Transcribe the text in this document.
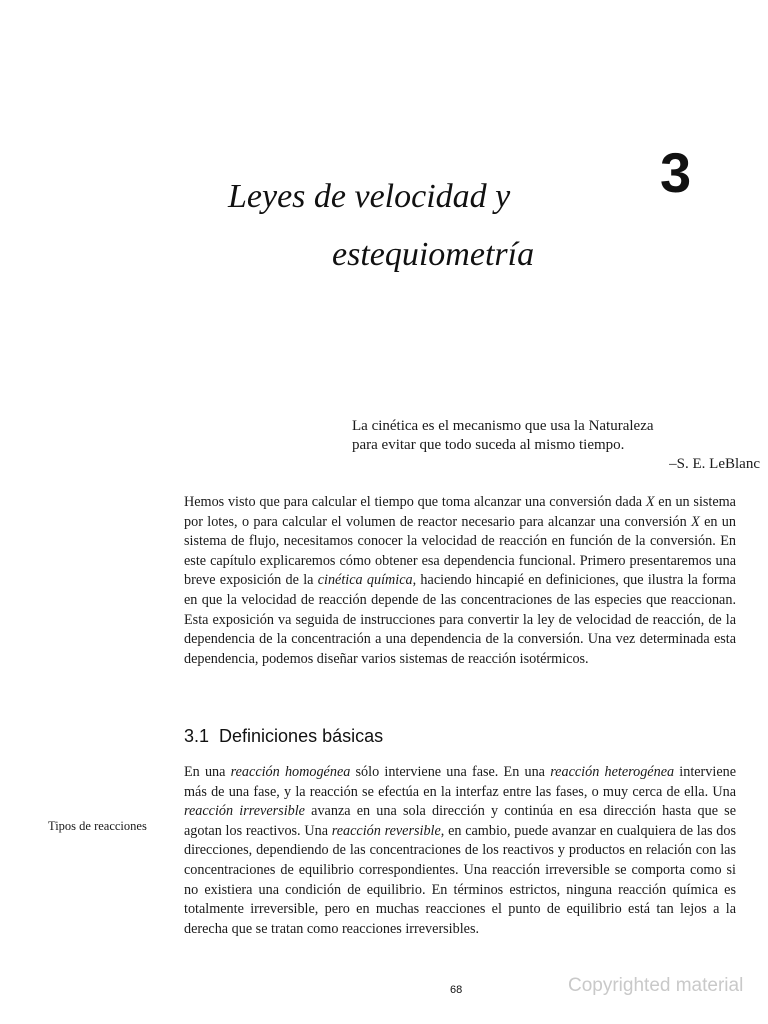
Leyes de velocidad y
estequiometría
3
La cinética es el mecanismo que usa la Naturaleza
para evitar que todo suceda al mismo tiempo.
–S. E. LeBlanc

Hemos visto que para calcular el tiempo que toma alcanzar una conversión dada X en un sistema por lotes, o para calcular el volumen de reactor necesario para alcanzar una conversión X en un sistema de flujo, necesitamos conocer la velocidad de reacción en función de la conversión. En este capítulo explicaremos cómo obtener esa dependencia funcional. Primero presentaremos una breve exposición de la cinética química, haciendo hincapié en definiciones, que ilustra la forma en que la velocidad de reacción depende de las concentraciones de las especies que reaccionan. Esta exposición va seguida de instrucciones para convertir la ley de velocidad de reacción, de la dependencia de la concentración a una dependencia de la conversión. Una vez determinada esta dependencia, podemos diseñar varios sistemas de reacción isotérmicos.

3.1 Definiciones básicas
Tipos de reacciones

En una reacción homogénea sólo interviene una fase. En una reacción heterogénea interviene más de una fase, y la reacción se efectúa en la interfaz entre las fases, o muy cerca de ella. Una reacción irreversible avanza en una sola dirección y continúa en esa dirección hasta que se agotan los reactivos. Una reacción reversible, en cambio, puede avanzar en cualquiera de las dos direcciones, dependiendo de las concentraciones de los reactivos y productos en relación con las concentraciones de equilibrio correspondientes. Una reacción irreversible se comporta como si no existiera una condición de equilibrio. En términos estrictos, ninguna reacción química es totalmente irreversible, pero en muchas reacciones el punto de equilibrio está tan lejos a la derecha que se tratan como reacciones irreversibles.

68	Copyrighted material
